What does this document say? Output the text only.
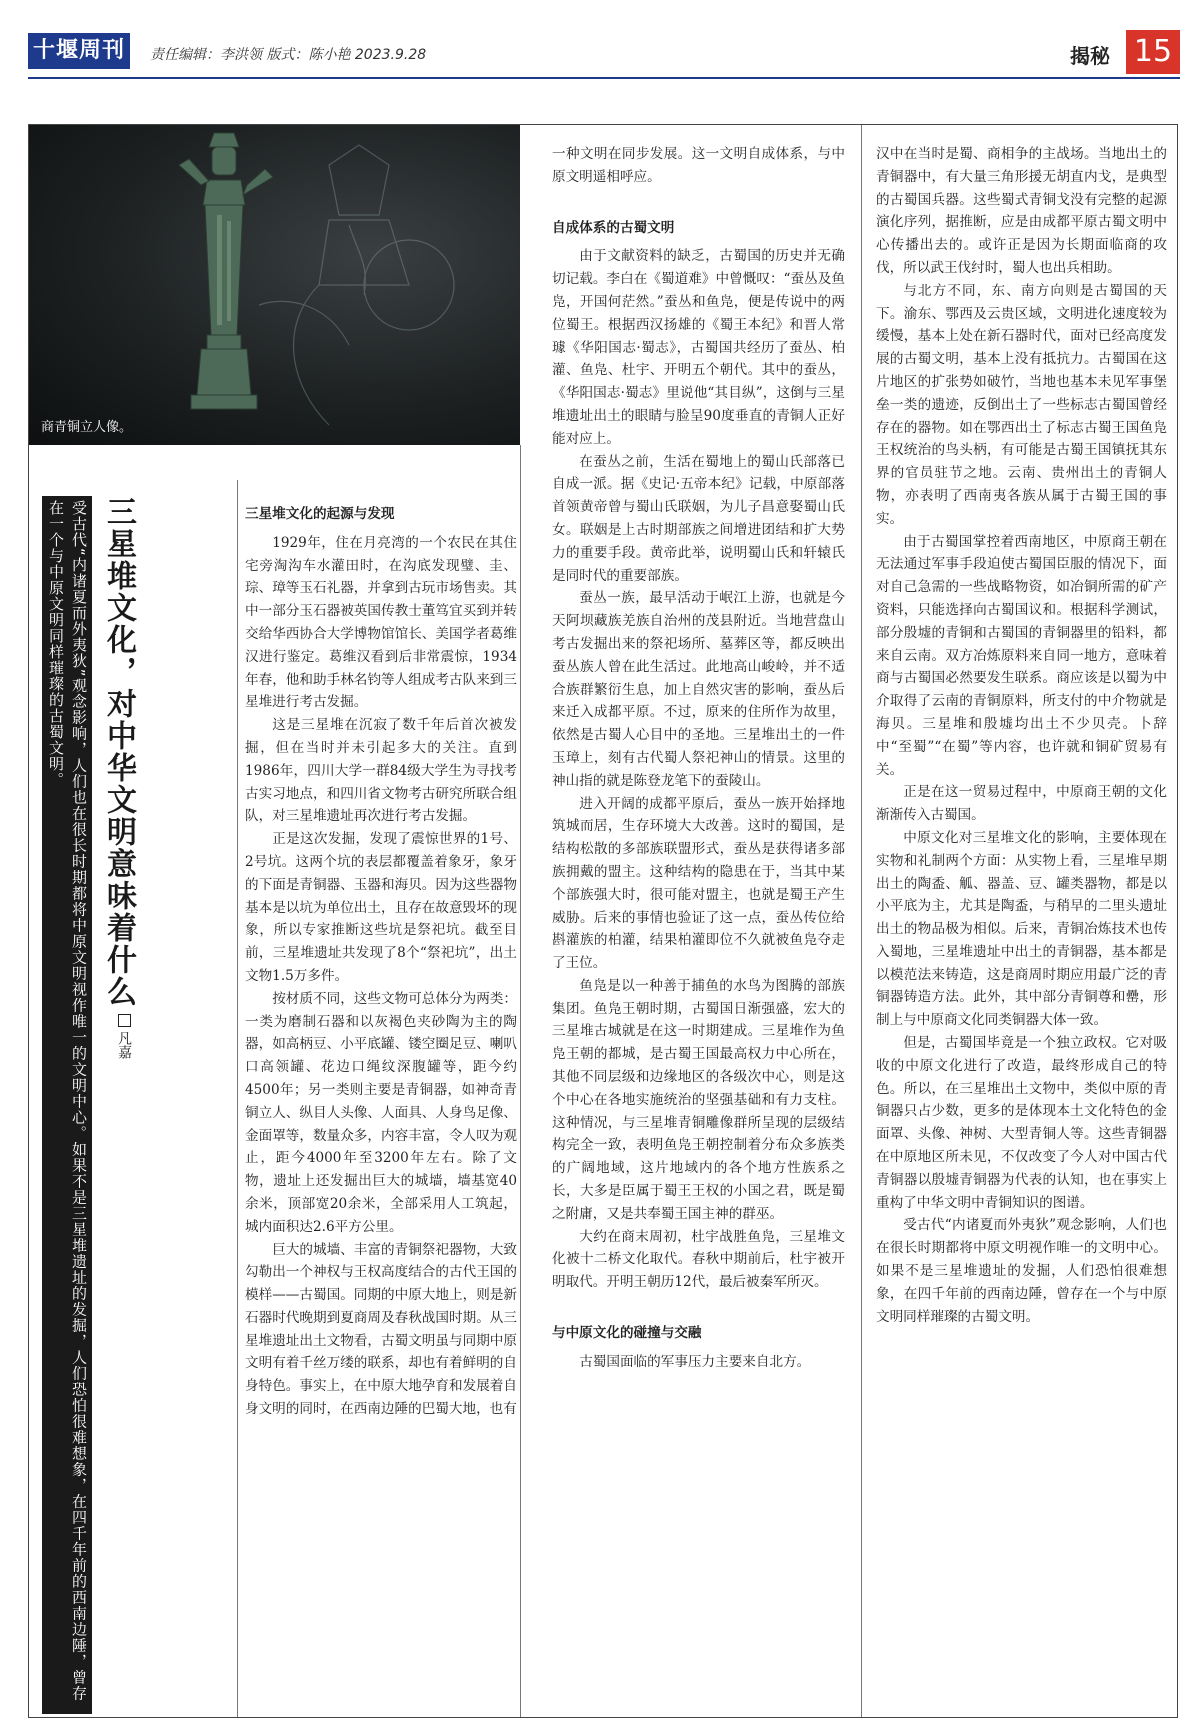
十堰周刊	责任编辑：李洪领 版式：陈小艳 2023.9.28	揭秘 15
商青铜立人像。
受古代“内诸夏而外夷狄”观念影响，人们也在很长时期都将中原文明视作唯一的文明中心。如果不是三星堆遗址的发掘，人们恐怕很难想象，在四千年前的西南边陲，曾存在一个与中原文明同样璀璨的古蜀文明。	三星堆文化，对中华文明意味着什么
凡嘉
三星堆文化的起源与发现

1929年，住在月亮湾的一个农民在其住宅旁淘沟车水灌田时，在沟底发现璧、圭、琮、璋等玉石礼器，并拿到古玩市场售卖。其中一部分玉石器被英国传教士董笃宜买到并转交给华西协合大学博物馆馆长、美国学者葛维汉进行鉴定。葛维汉看到后非常震惊，1934年春，他和助手林名钧等人组成考古队来到三星堆进行考古发掘。

这是三星堆在沉寂了数千年后首次被发掘，但在当时并未引起多大的关注。直到1986年，四川大学一群84级大学生为寻找考古实习地点，和四川省文物考古研究所联合组队，对三星堆遗址再次进行考古发掘。

正是这次发掘，发现了震惊世界的1号、2号坑。这两个坑的表层都覆盖着象牙，象牙的下面是青铜器、玉器和海贝。因为这些器物基本是以坑为单位出土，且存在故意毁坏的现象，所以专家推断这些坑是祭祀坑。截至目前，三星堆遗址共发现了8个“祭祀坑”，出土文物1.5万多件。

按材质不同，这些文物可总体分为两类：一类为磨制石器和以灰褐色夹砂陶为主的陶器，如高柄豆、小平底罐、镂空圈足豆、喇叭口高领罐、花边口绳纹深腹罐等，距今约4500年；另一类则主要是青铜器，如神奇青铜立人、纵目人头像、人面具、人身鸟足像、金面罩等，数量众多，内容丰富，令人叹为观止，距今4000年至3200年左右。除了文物，遗址上还发掘出巨大的城墙，墙基宽40余米，顶部宽20余米，全部采用人工筑起，城内面积达2.6平方公里。

巨大的城墙、丰富的青铜祭祀器物，大致勾勒出一个神权与王权高度结合的古代王国的模样——古蜀国。同期的中原大地上，则是新石器时代晚期到夏商周及春秋战国时期。从三星堆遗址出土文物看，古蜀文明虽与同期中原文明有着千丝万缕的联系，却也有着鲜明的自身特色。事实上，在中原大地孕育和发展着自身文明的同时，在西南边陲的巴蜀大地，也有

一种文明在同步发展。这一文明自成体系，与中原文明遥相呼应。

自成体系的古蜀文明

由于文献资料的缺乏，古蜀国的历史并无确切记载。李白在《蜀道难》中曾慨叹：“蚕丛及鱼凫，开国何茫然。”蚕丛和鱼凫，便是传说中的两位蜀王。根据西汉扬雄的《蜀王本纪》和晋人常璩《华阳国志·蜀志》，古蜀国共经历了蚕丛、柏灌、鱼凫、杜宇、开明五个朝代。其中的蚕丛，《华阳国志·蜀志》里说他“其目纵”，这倒与三星堆遗址出土的眼睛与脸呈90度垂直的青铜人正好能对应上。

在蚕丛之前，生活在蜀地上的蜀山氏部落已自成一派。据《史记·五帝本纪》记载，中原部落首领黄帝曾与蜀山氏联姻，为儿子昌意娶蜀山氏女。联姻是上古时期部族之间增进团结和扩大势力的重要手段。黄帝此举，说明蜀山氏和轩辕氏是同时代的重要部族。

蚕丛一族，最早活动于岷江上游，也就是今天阿坝藏族羌族自治州的茂县附近。当地营盘山考古发掘出来的祭祀场所、墓葬区等，都反映出蚕丛族人曾在此生活过。此地高山峻岭，并不适合族群繁衍生息，加上自然灾害的影响，蚕丛后来迁入成都平原。不过，原来的住所作为故里，依然是古蜀人心目中的圣地。三星堆出土的一件玉璋上，刻有古代蜀人祭祀神山的情景。这里的神山指的就是陈登龙笔下的蚕陵山。

进入开阔的成都平原后，蚕丛一族开始择地筑城而居，生存环境大大改善。这时的蜀国，是结构松散的多部族联盟形式，蚕丛是获得诸多部族拥戴的盟主。这种结构的隐患在于，当其中某个部族强大时，很可能对盟主，也就是蜀王产生威胁。后来的事情也验证了这一点，蚕丛传位给斟灌族的柏灌，结果柏灌即位不久就被鱼凫夺走了王位。

鱼凫是以一种善于捕鱼的水鸟为图腾的部族集团。鱼凫王朝时期，古蜀国日渐强盛，宏大的三星堆古城就是在这一时期建成。三星堆作为鱼凫王朝的都城，是古蜀王国最高权力中心所在，其他不同层级和边缘地区的各级次中心，则是这个中心在各地实施统治的坚强基础和有力支柱。这种情况，与三星堆青铜雕像群所呈现的层级结构完全一致，表明鱼凫王朝控制着分布众多族类的广阔地域，这片地域内的各个地方性族系之长，大多是臣属于蜀王王权的小国之君，既是蜀之附庸，又是共奉蜀王国主神的群巫。

大约在商末周初，杜宇战胜鱼凫，三星堆文化被十二桥文化取代。春秋中期前后，杜宇被开明取代。开明王朝历12代，最后被秦军所灭。

与中原文化的碰撞与交融

古蜀国面临的军事压力主要来自北方。

汉中在当时是蜀、商相争的主战场。当地出土的青铜器中，有大量三角形援无胡直内戈，是典型的古蜀国兵器。这些蜀式青铜戈没有完整的起源演化序列，据推断，应是由成都平原古蜀文明中心传播出去的。或许正是因为长期面临商的攻伐，所以武王伐纣时，蜀人也出兵相助。

与北方不同，东、南方向则是古蜀国的天下。渝东、鄂西及云贵区域，文明进化速度较为缓慢，基本上处在新石器时代，面对已经高度发展的古蜀文明，基本上没有抵抗力。古蜀国在这片地区的扩张势如破竹，当地也基本未见军事堡垒一类的遗迹，反倒出土了一些标志古蜀国曾经存在的器物。如在鄂西出土了标志古蜀王国鱼凫王权统治的鸟头柄，有可能是古蜀王国镇抚其东界的官员驻节之地。云南、贵州出土的青铜人物，亦表明了西南夷各族从属于古蜀王国的事实。

由于古蜀国掌控着西南地区，中原商王朝在无法通过军事手段迫使古蜀国臣服的情况下，面对自己急需的一些战略物资，如冶铜所需的矿产资料，只能选择向古蜀国议和。根据科学测试，部分殷墟的青铜和古蜀国的青铜器里的铅料，都来自云南。双方冶炼原料来自同一地方，意味着商与古蜀国必然要发生联系。商应该是以蜀为中介取得了云南的青铜原料，所支付的中介物就是海贝。三星堆和殷墟均出土不少贝壳。卜辞中“至蜀”“在蜀”等内容，也许就和铜矿贸易有关。

正是在这一贸易过程中，中原商王朝的文化渐渐传入古蜀国。

中原文化对三星堆文化的影响，主要体现在实物和礼制两个方面：从实物上看，三星堆早期出土的陶盉、觚、器盖、豆、罐类器物，都是以小平底为主，尤其是陶盉，与稍早的二里头遗址出土的物品极为相似。后来，青铜冶炼技术也传入蜀地，三星堆遗址中出土的青铜器，基本都是以模范法来铸造，这是商周时期应用最广泛的青铜器铸造方法。此外，其中部分青铜尊和罍，形制上与中原商文化同类铜器大体一致。

但是，古蜀国毕竟是一个独立政权。它对吸收的中原文化进行了改造，最终形成自己的特色。所以，在三星堆出土文物中，类似中原的青铜器只占少数，更多的是体现本土文化特色的金面罩、头像、神树、大型青铜人等。这些青铜器在中原地区所未见，不仅改变了今人对中国古代青铜器以殷墟青铜器为代表的认知，也在事实上重构了中华文明中青铜知识的图谱。

受古代“内诸夏而外夷狄”观念影响，人们也在很长时期都将中原文明视作唯一的文明中心。如果不是三星堆遗址的发掘，人们恐怕很难想象，在四千年前的西南边陲，曾存在一个与中原文明同样璀璨的古蜀文明。
